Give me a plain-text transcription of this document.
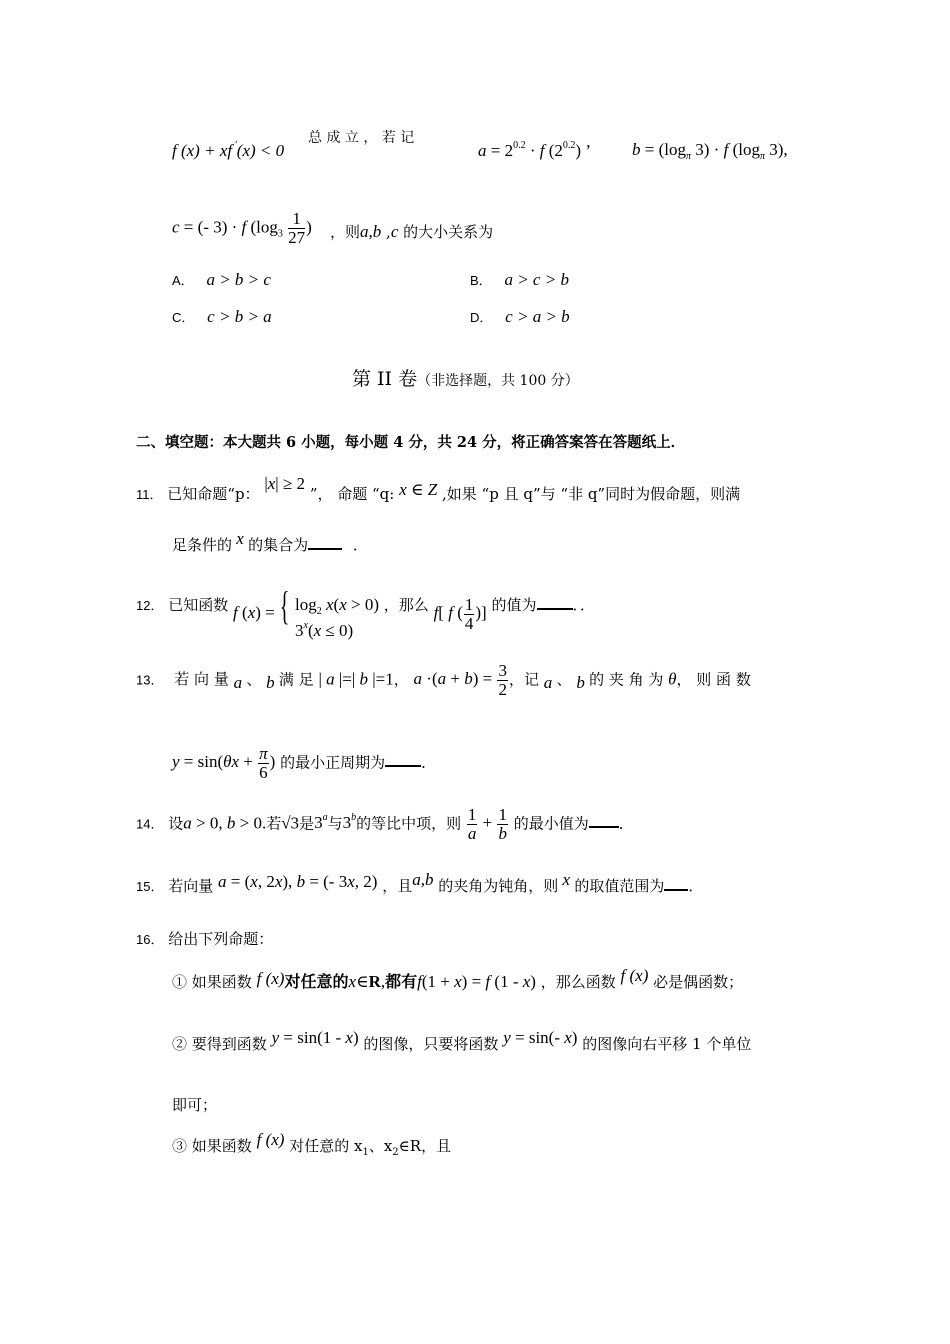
f (x) + xf ′(x) < 0
总 成 立 ， 若 记
$a = 2^{0.2} \cdot f$ $(2^{0.2})$ ’ $b = (\log_\pi$ 3) · f ($\log_\pi$ 3),
c = (- 3) · f ($\log_3 \frac{1}{27}$ ) ，则a,b ,c 的大小关系为
A． a > b > c	B． a > c > b
C． c > b > a	D． c > a > b
第 II 卷（非选择题，共 100 分）
二、填空题：本大题共 6 小题，每小题 4 分，共 24 分，将正确答案答在答题纸上．
11． 已知命题“p： |x| ≥ 2 ”， 命题 “q: x ∈ Z ,如果 “p 且 q”与 “非 q”同时为假命题，则满
足条件的 x 的集合为	．
12． 已知函数 f (x) = { $\log_2 x(x > 0)$
$3^x(x \le 0)$
，那么 f[ f ( $\frac{1}{4}$ )] 的值为 ．．
13． 若 向 量 a 、 b 满 足 | a |=| b |=1， $a \cdot(a + b) = \frac{3}{2}$ ，记 a 、 b 的 夹 角 为 θ， 则 函 数
$y = \sin(\theta x + \frac{\pi}{6}$ ) 的最小正周期为 ．
14． 设a > 0, b > 0.若√3是3$^a$与3$^b$的等比中项，则 $\frac{1}{a} + \frac{1}{b}$ 的最小值为 ．
15． 若向量 a = (x, 2x), b = (- 3x, 2) ，且a,b 的夹角为钝角，则 x 的取值范围为 ．
16． 给出下列命题：
① 如果函数 f (x)对任意的x∈R,都有f(1 + x) = f (1 - x) ，那么函数 f (x) 必是偶函数；
② 要得到函数 y = sin(1 - x) 的图像，只要将函数 y = sin(- x) 的图像向右平移 1 个单位
即可；
③ 如果函数 f (x) 对任意的 $x_1$、$x_2\in R$，且
